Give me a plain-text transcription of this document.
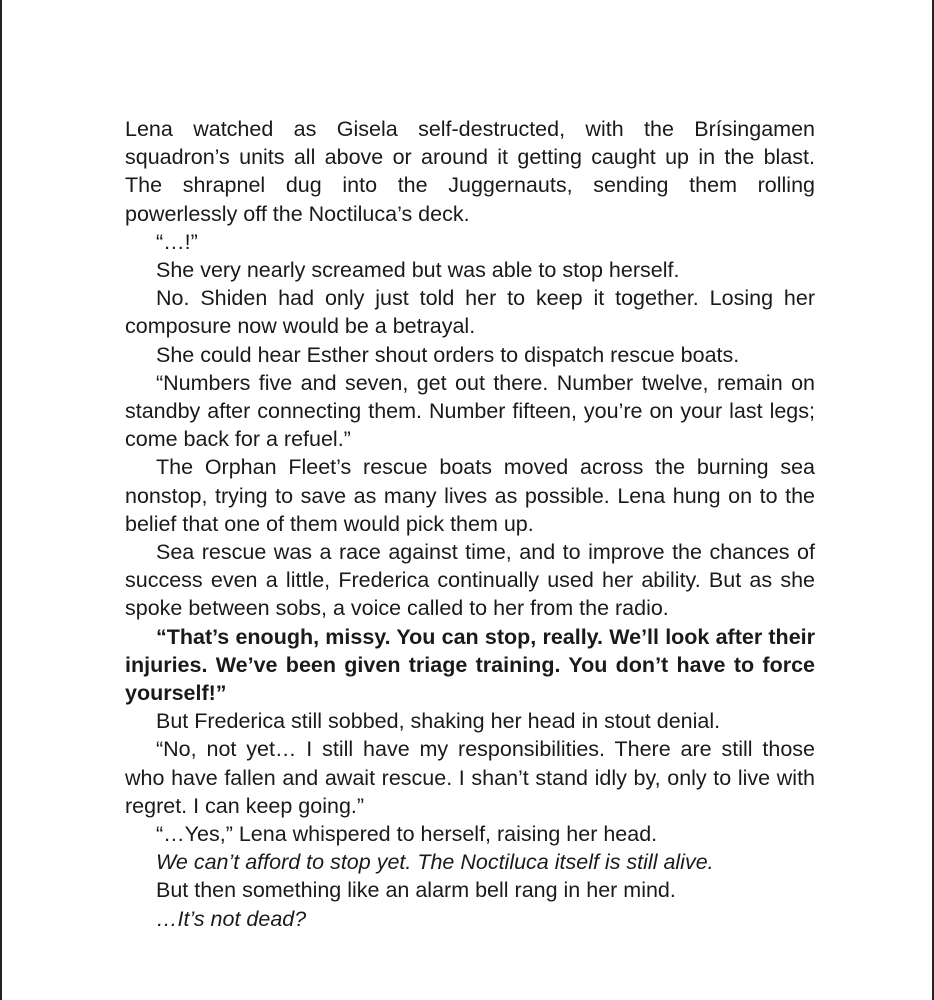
Lena watched as Gisela self-destructed, with the Brísingamen squadron’s units all above or around it getting caught up in the blast. The shrapnel dug into the Juggernauts, sending them rolling powerlessly off the Noctiluca’s deck.

“…!”

She very nearly screamed but was able to stop herself.

No. Shiden had only just told her to keep it together. Losing her composure now would be a betrayal.

She could hear Esther shout orders to dispatch rescue boats.

“Numbers five and seven, get out there. Number twelve, remain on standby after connecting them. Number fifteen, you’re on your last legs; come back for a refuel.”

The Orphan Fleet’s rescue boats moved across the burning sea nonstop, trying to save as many lives as possible. Lena hung on to the belief that one of them would pick them up.

Sea rescue was a race against time, and to improve the chances of success even a little, Frederica continually used her ability. But as she spoke between sobs, a voice called to her from the radio.

“That’s enough, missy. You can stop, really. We’ll look after their injuries. We’ve been given triage training. You don’t have to force yourself!”

But Frederica still sobbed, shaking her head in stout denial.

“No, not yet… I still have my responsibilities. There are still those who have fallen and await rescue. I shan’t stand idly by, only to live with regret. I can keep going.”

“…Yes,” Lena whispered to herself, raising her head.

We can’t afford to stop yet. The Noctiluca itself is still alive.

But then something like an alarm bell rang in her mind.

…It’s not dead?
